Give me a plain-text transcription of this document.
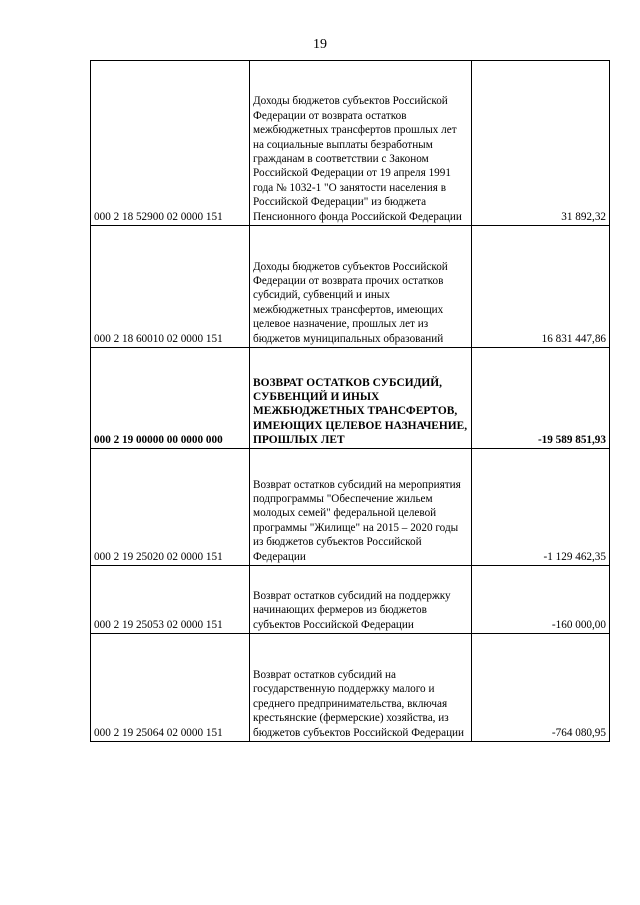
19
000 2 18 52900 02 0000 151	Доходы бюджетов субъектов Российской Федерации от возврата остатков межбюджетных трансфертов прошлых лет на социальные выплаты безработным гражданам в соответствии с Законом Российской Федерации от 19 апреля 1991 года № 1032-1 "О занятости населения в Российской Федерации" из бюджета Пенсионного фонда Российской Федерации	31 892,32
000 2 18 60010 02 0000 151	Доходы бюджетов субъектов Российской Федерации от возврата прочих остатков субсидий, субвенций и иных межбюджетных трансфертов, имеющих целевое назначение, прошлых лет из бюджетов муниципальных образований	16 831 447,86
000 2 19 00000 00 0000 000	ВОЗВРАТ ОСТАТКОВ СУБСИДИЙ, СУБВЕНЦИЙ И ИНЫХ МЕЖБЮДЖЕТНЫХ ТРАНСФЕРТОВ, ИМЕЮЩИХ ЦЕЛЕВОЕ НАЗНАЧЕНИЕ, ПРОШЛЫХ ЛЕТ	-19 589 851,93
000 2 19 25020 02 0000 151	Возврат остатков субсидий на мероприятия подпрограммы "Обеспечение жильем молодых семей" федеральной целевой программы "Жилище" на 2015 – 2020 годы из бюджетов субъектов Российской Федерации	-1 129 462,35
000 2 19 25053 02 0000 151	Возврат остатков субсидий на поддержку начинающих фермеров из бюджетов субъектов Российской Федерации	-160 000,00
000 2 19 25064 02 0000 151	Возврат остатков субсидий на государственную поддержку малого и среднего предпринимательства, включая крестьянские (фермерские) хозяйства, из бюджетов субъектов Российской Федерации	-764 080,95
